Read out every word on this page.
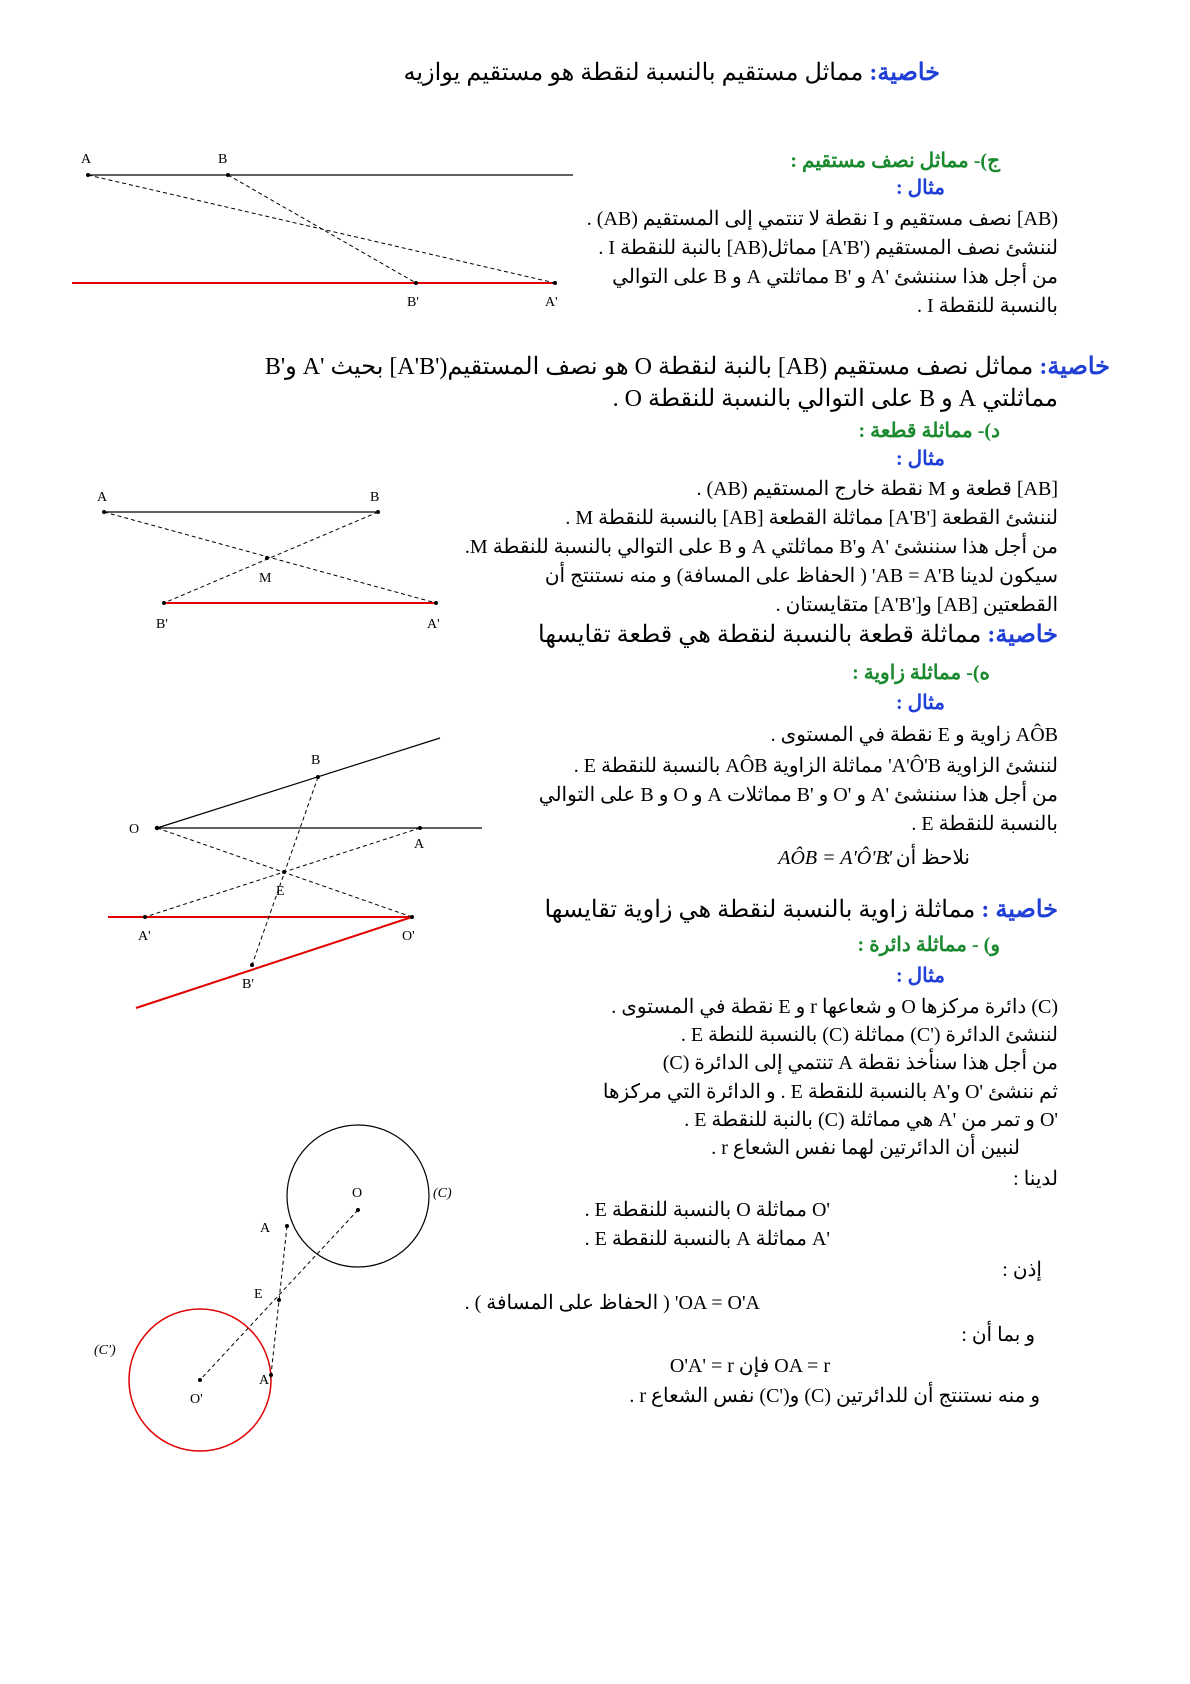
خاصية: مماثل مستقيم بالنسبة لنقطة هو مستقيم يوازيه
ج)- مماثل نصف مستقيم :
مثال :
(AB] نصف مستقيم و I نقطة لا تنتمي إلى المستقيم (AB) .
لننشئ نصف المستقيم ('A'B] مماثل(AB] بالنبة للنقطة I .
من أجل هذا سننشئ 'A و 'B مماثلتي A و B على التوالي
بالنسبة للنقطة I .
خاصية: مماثل نصف مستقيم (AB] بالنبة لنقطة O هو نصف المستقيم('A'B] بحيث 'A و'B
مماثلتي A و B على التوالي بالنسبة للنقطة O .
د)- مماثلة قطعة :
مثال :
[AB] قطعة و M نقطة خارج المستقيم (AB) .
لننشئ القطعة ['A'B] مماثلة القطعة [AB] بالنسبة للنقطة M .
من أجل هذا سننشئ 'A و'B مماثلتي A و B على التوالي بالنسبة للنقطة M.
سيكون لدينا AB = A'B' ( الحفاظ على المسافة) و منه نستنتج أن
القطعتين [AB] و['A'B] متقايستان .
خاصية: مماثلة قطعة بالنسبة لنقطة هي قطعة تقايسها
ه)- مماثلة زاوية :
مثال :
AÔB زاوية و E نقطة في المستوى .
لننشئ الزاوية A'Ô'B' مماثلة الزاوية AÔB بالنسبة للنقطة E .
من أجل هذا سننشئ 'A و 'O و 'B مماثلات A و O و B على التوالي
بالنسبة للنقطة E .
نلاحظ أن :
AÔB = A'Ô'B'
خاصية : مماثلة زاوية بالنسبة لنقطة هي زاوية تقايسها
و) - مماثلة دائرة :
مثال :
(C) دائرة مركزها O و شعاعها r و E نقطة في المستوى .
لننشئ الدائرة ('C) مماثلة (C) بالنسبة للنطة E .
من أجل هذا سنأخذ نقطة A تنتمي إلى الدائرة (C)
ثم ننشئ 'O و'A بالنسبة للنقطة E . و الدائرة التي مركزها
'O و تمر من 'A هي مماثلة (C) بالنبة للنقطة E .
لنبين أن الدائرتين لهما نفس الشعاع r .
لدينا :
'O مماثلة O بالنسبة للنقطة E .
'A مماثلة A بالنسبة للنقطة E .
إذن :
OA = O'A' ( الحفاظ على المسافة ) .
و بما أن :
OA = r فإن O'A' = r
و منه نستنتج أن للدائرتين (C) و('C) نفس الشعاع r .
A	B
B'	A'
A	B
M
B'	A'
B
O
A
E
A'	O'
B'
O	(C)
A
E
O'
A'
(C')
